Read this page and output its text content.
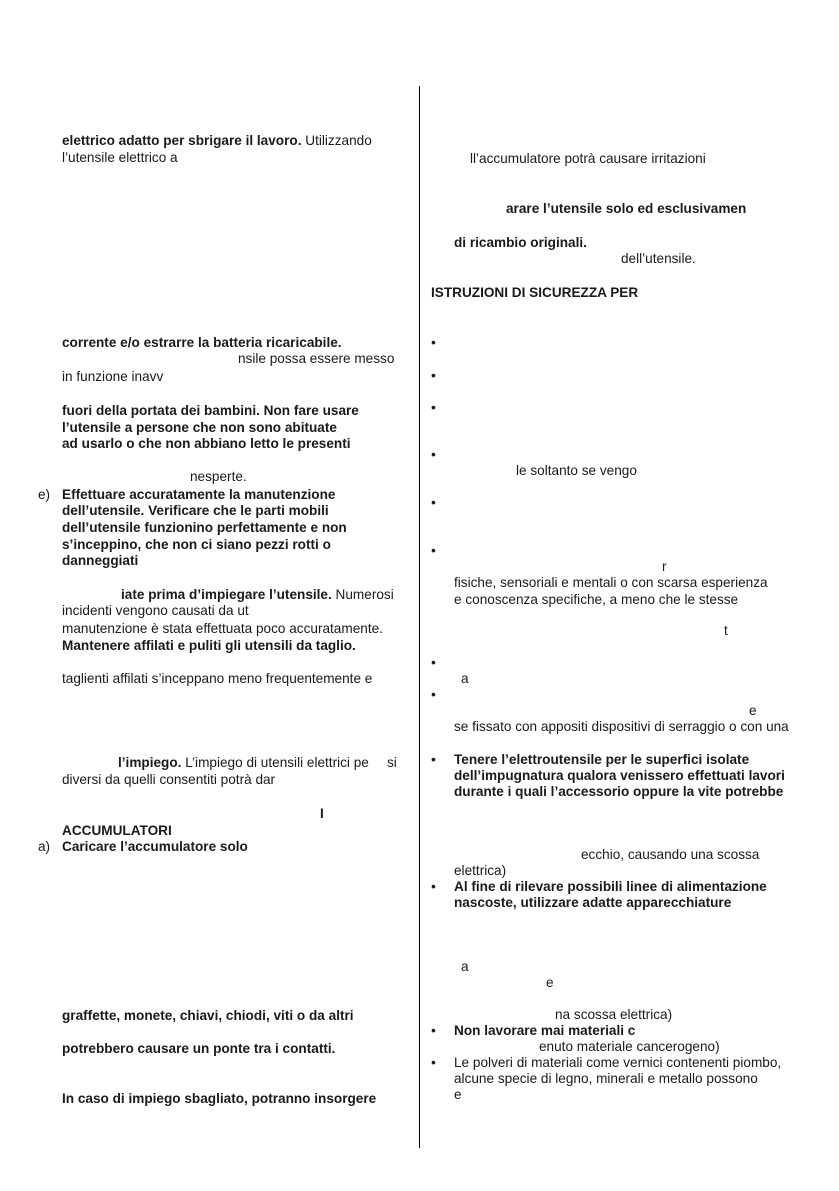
elettrico adatto per sbrigare il lavoro. Utilizzando
l’utensile elettrico a
corrente e/o estrarre la batteria ricaricabile.
nsile possa essere messo
in funzione inavv
fuori della portata dei bambini. Non fare usare
l’utensile a persone che non sono abituate
ad usarlo o che non abbiano letto le presenti
nesperte.
e) Effettuare accuratamente la manutenzione
dell’utensile. Verificare che le parti mobili
dell’utensile funzionino perfettamente e non
s’inceppino, che non ci siano pezzi rotti o
danneggiati
iate prima d’impiegare l’utensile. Numerosi
incidenti vengono causati da ut
manutenzione è stata effettuata poco accuratamente.
Mantenere affilati e puliti gli utensili da taglio.
taglienti affilati s’inceppano meno frequentemente e
l’impiego. L’impiego di utensili elettrici pe si
diversi da quelli consentiti potrà dar
I
ACCUMULATORI
a) Caricare l’accumulatore solo
graffette, monete, chiavi, chiodi, viti o da altri
potrebbero causare un ponte tra i contatti.
In caso di impiego sbagliato, potranno insorgere
ll’accumulatore potrà causare irritazioni
arare l’utensile solo ed esclusivamen
di ricambio originali.
dell’utensile.
ISTRUZIONI DI SICUREZZA PER
•
•
•
•
le soltanto se vengo
•
•
r
fisiche, sensoriali e mentali o con scarsa esperienza
e conoscenza specifiche, a meno che le stesse
t
•
a
•
e
se fissato con appositi dispositivi di serraggio o con una
• Tenere l’elettroutensile per le superfici isolate
dell’impugnatura qualora venissero effettuati lavori
durante i quali l’accessorio oppure la vite potrebbe
ecchio, causando una scossa
elettrica)
• Al fine di rilevare possibili linee di alimentazione
nascoste, utilizzare adatte apparecchiature
a
e
na scossa elettrica)
• Non lavorare mai materiali c
enuto materiale cancerogeno)
• Le polveri di materiali come vernici contenenti piombo,
alcune specie di legno, minerali e metallo possono
e
